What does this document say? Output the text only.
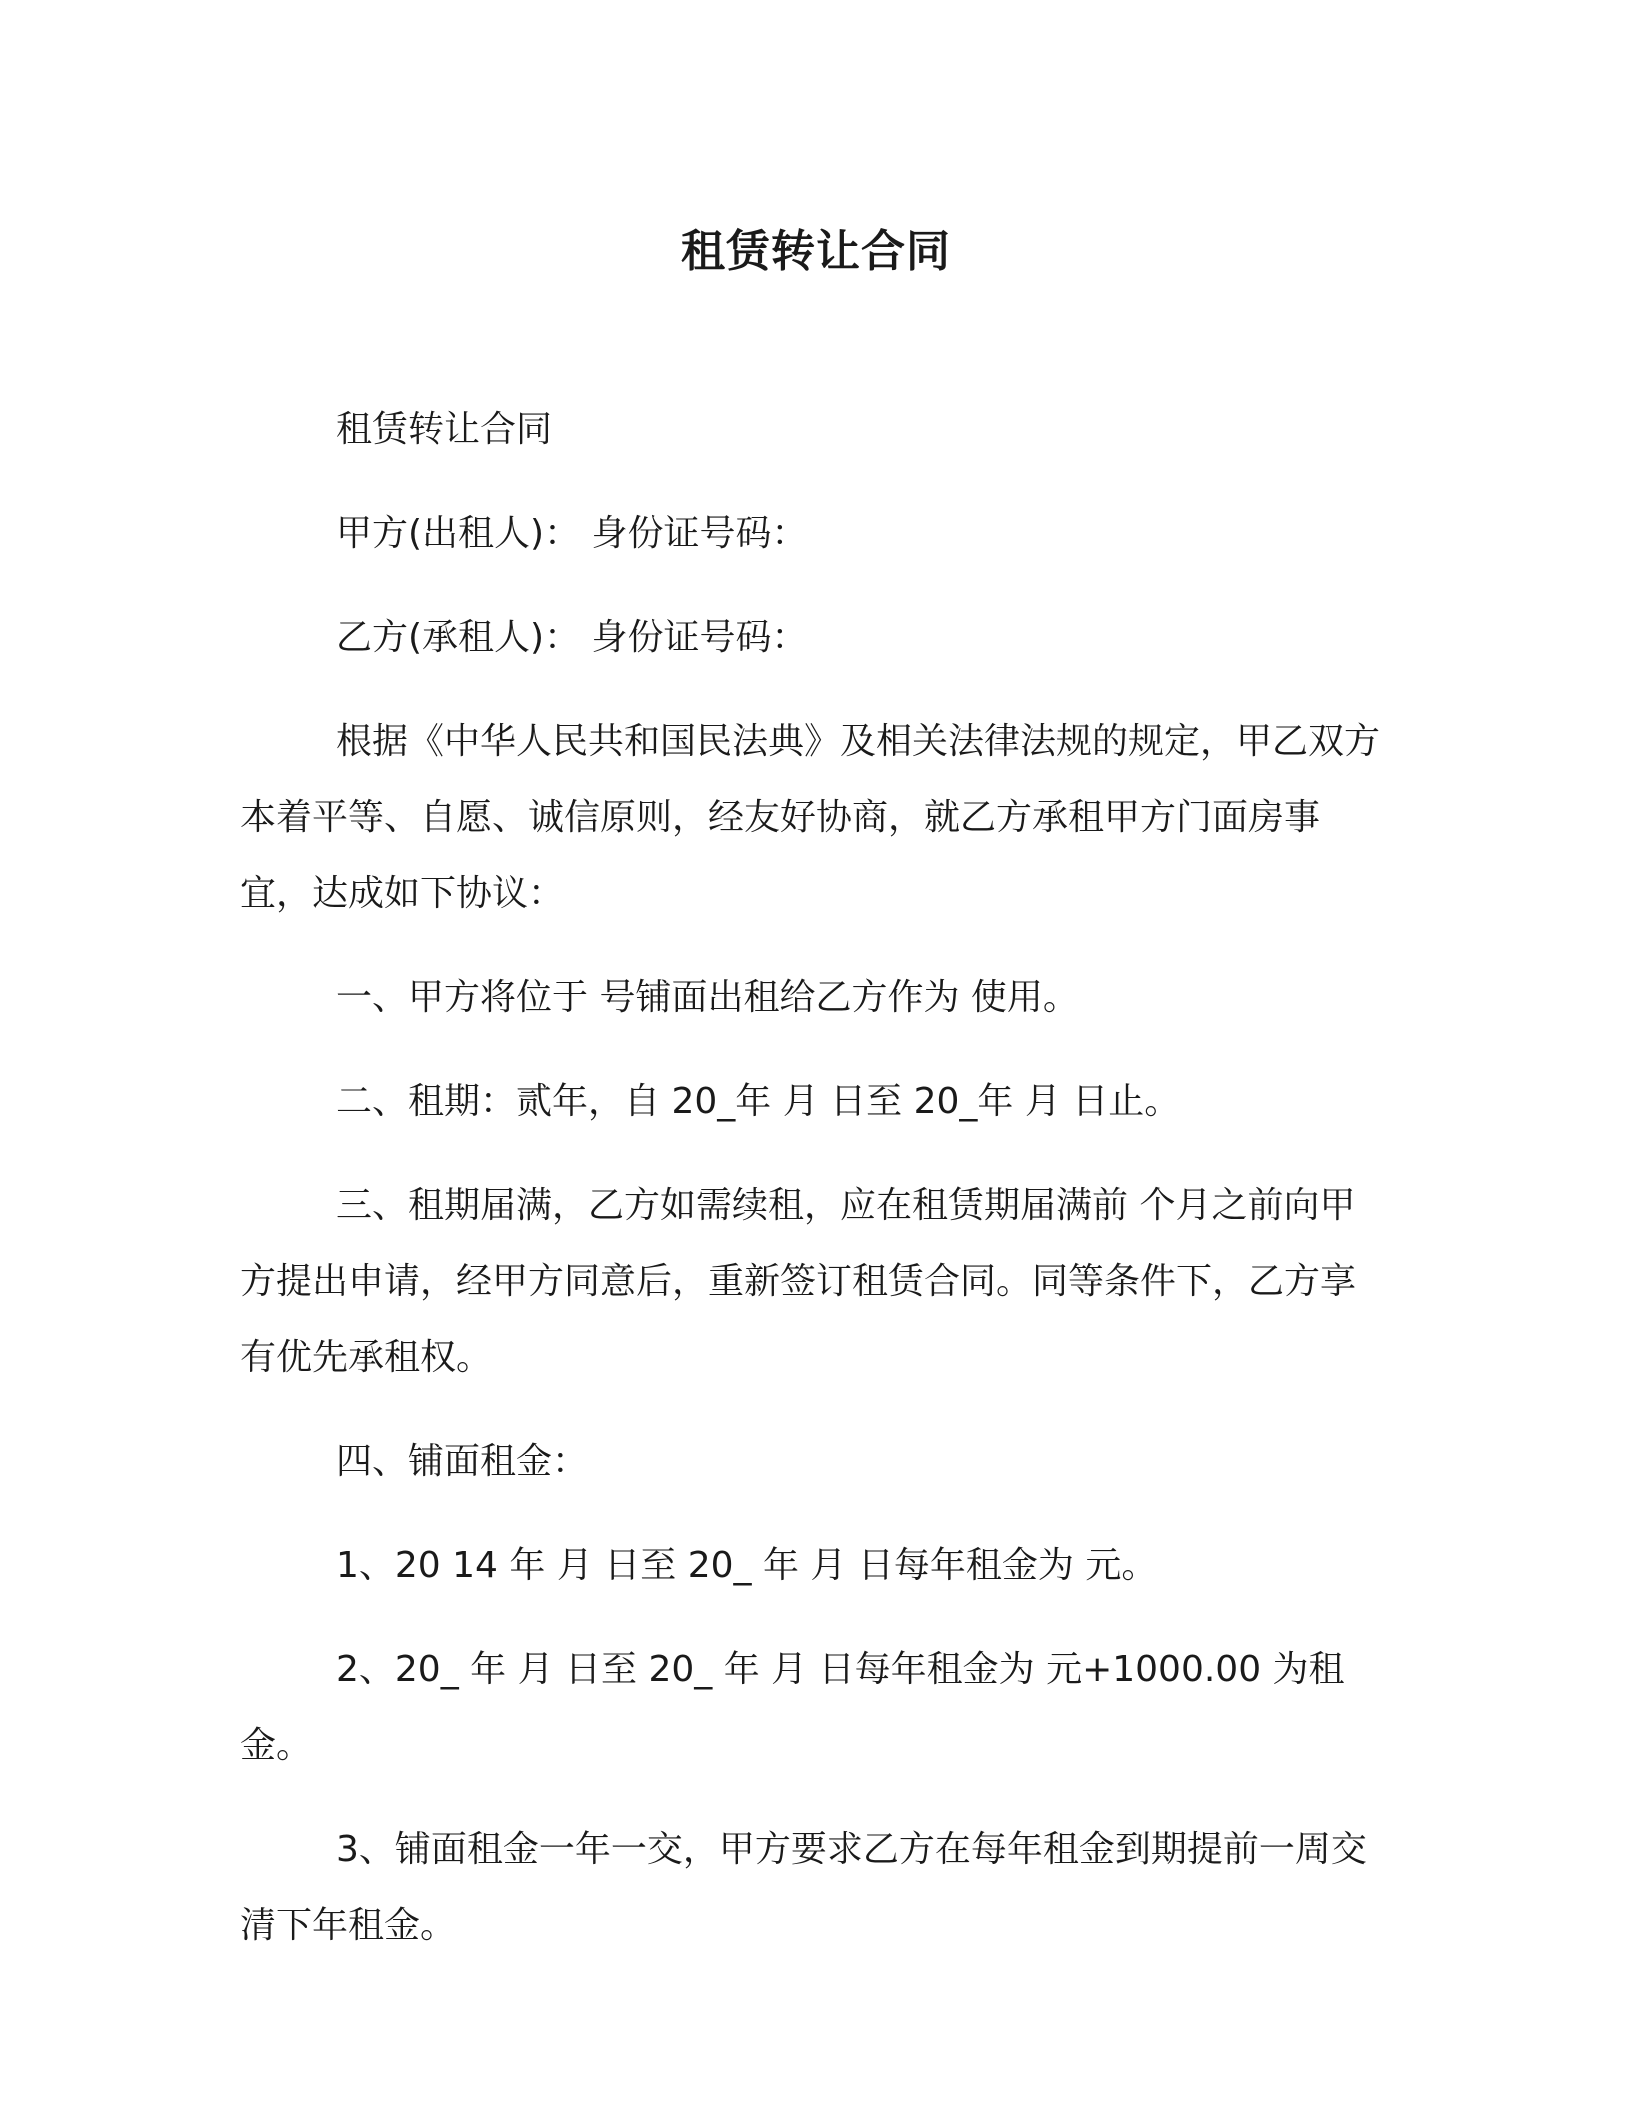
租赁转让合同

租赁转让合同

甲方(出租人)： 身份证号码：

乙方(承租人)： 身份证号码：

根据《中华人民共和国民法典》及相关法律法规的规定，甲乙双方本着平等、自愿、诚信原则，经友好协商，就乙方承租甲方门面房事宜，达成如下协议：

一、甲方将位于 号铺面出租给乙方作为 使用。

二、租期：贰年，自 20_年 月 日至 20_年 月 日止。

三、租期届满，乙方如需续租，应在租赁期届满前 个月之前向甲方提出申请，经甲方同意后，重新签订租赁合同。同等条件下，乙方享有优先承租权。

四、铺面租金：

1、20 14 年 月 日至 20_ 年 月 日每年租金为 元。

2、20_ 年 月 日至 20_ 年 月 日每年租金为 元+1000.00 为租金。

3、铺面租金一年一交，甲方要求乙方在每年租金到期提前一周交清下年租金。
